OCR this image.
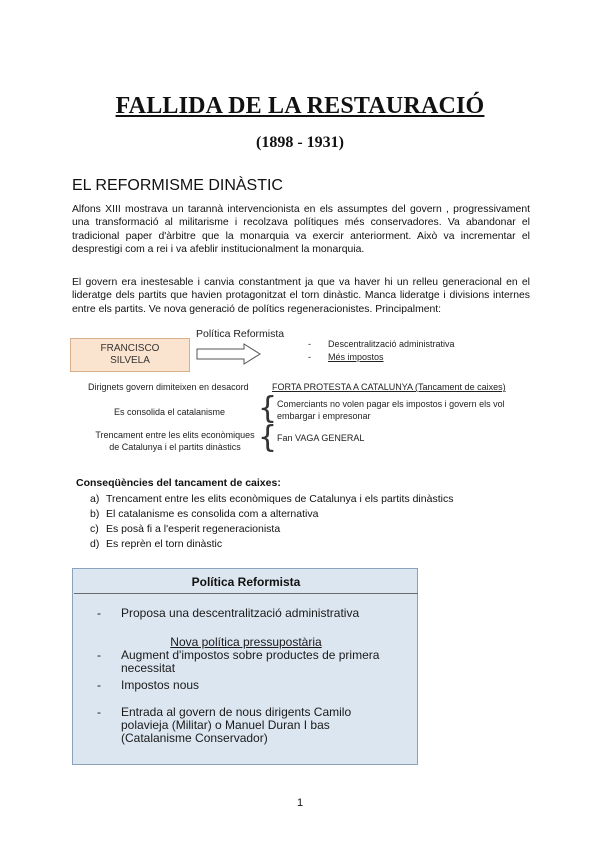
FALLIDA DE LA RESTAURACIÓ
(1898 - 1931)
EL REFORMISME DINÀSTIC

Alfons XIII mostrava un tarannà intervencionista en els assumptes del govern , progressivament una transformació al militarisme i recolzava polítiques més conservadores. Va abandonar el tradicional paper d'àrbitre que la monarquia va exercir anteriorment. Això va incrementar el desprestigi com a rei i va afeblir institucionalment la monarquia.

El govern era inestesable i canvia constantment ja que va haver hi un relleu generacional en el lideratge dels partits que havien protagonitzat el torn dinàstic. Manca lideratge i divisions internes entre els partits. Ve nova generació de polítics regeneracionistes. Principalment:

FRANCISCO SILVELA
Política Reformista
- Descentralització administrativa
- Més impostos
Dirignets govern dimiteixen en desacord
Es consolida el catalanisme
Trencament entre les elits econòmiques de Catalunya i el partits dinàstics
FORTA PROTESTA A CATALUNYA (Tancament de caixes)
{
{
Comerciants no volen pagar els impostos i govern els vol embargar i empresonar
Fan VAGA GENERAL
Conseqüències del tancament de caixes:
a) Trencament entre les elits econòmiques de Catalunya i els partits dinàstics
b) El catalanisme es consolida com a alternativa
c) Es posà fi a l'esperit regeneracionista
d) Es reprèn el torn dinàstic
Política Reformista
-	Proposa una descentralització administrativa
Nova política pressupostària
-	Augment d'impostos sobre productes de primera necessitat
-	Impostos nous
-	Entrada al govern de nous dirigents Camilo polavieja (Militar) o Manuel Duran I bas (Catalanisme Conservador)
1
